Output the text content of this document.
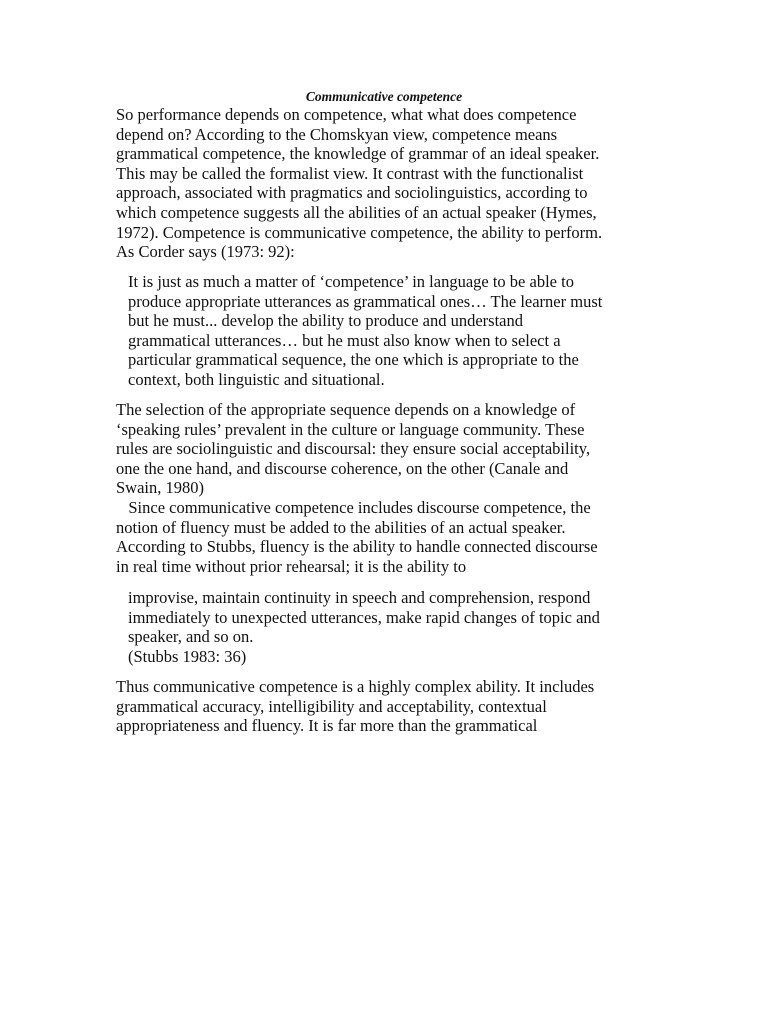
Communicative competence
So performance depends on competence, what what does competence
depend on? According to the Chomskyan view, competence means
grammatical competence, the knowledge of grammar of an ideal speaker.
This may be called the formalist view. It contrast with the functionalist
approach, associated with pragmatics and sociolinguistics, according to
which competence suggests all the abilities of an actual speaker (Hymes,
1972). Competence is communicative competence, the ability to perform.
As Corder says (1973: 92):
It is just as much a matter of ‘competence’ in language to be able to
produce appropriate utterances as grammatical ones… The learner must
but he must... develop the ability to produce and understand
grammatical utterances… but he must also know when to select a
particular grammatical sequence, the one which is appropriate to the
context, both linguistic and situational.
The selection of the appropriate sequence depends on a knowledge of
‘speaking rules’ prevalent in the culture or language community. These
rules are sociolinguistic and discoursal: they ensure social acceptability,
one the one hand, and discourse coherence, on the other (Canale and
Swain, 1980)
Since communicative competence includes discourse competence, the
notion of fluency must be added to the abilities of an actual speaker.
According to Stubbs, fluency is the ability to handle connected discourse
in real time without prior rehearsal; it is the ability to
improvise, maintain continuity in speech and comprehension, respond
immediately to unexpected utterances, make rapid changes of topic and
speaker, and so on.
(Stubbs 1983: 36)
Thus communicative competence is a highly complex ability. It includes
grammatical accuracy, intelligibility and acceptability, contextual
appropriateness and fluency. It is far more than the grammatical
